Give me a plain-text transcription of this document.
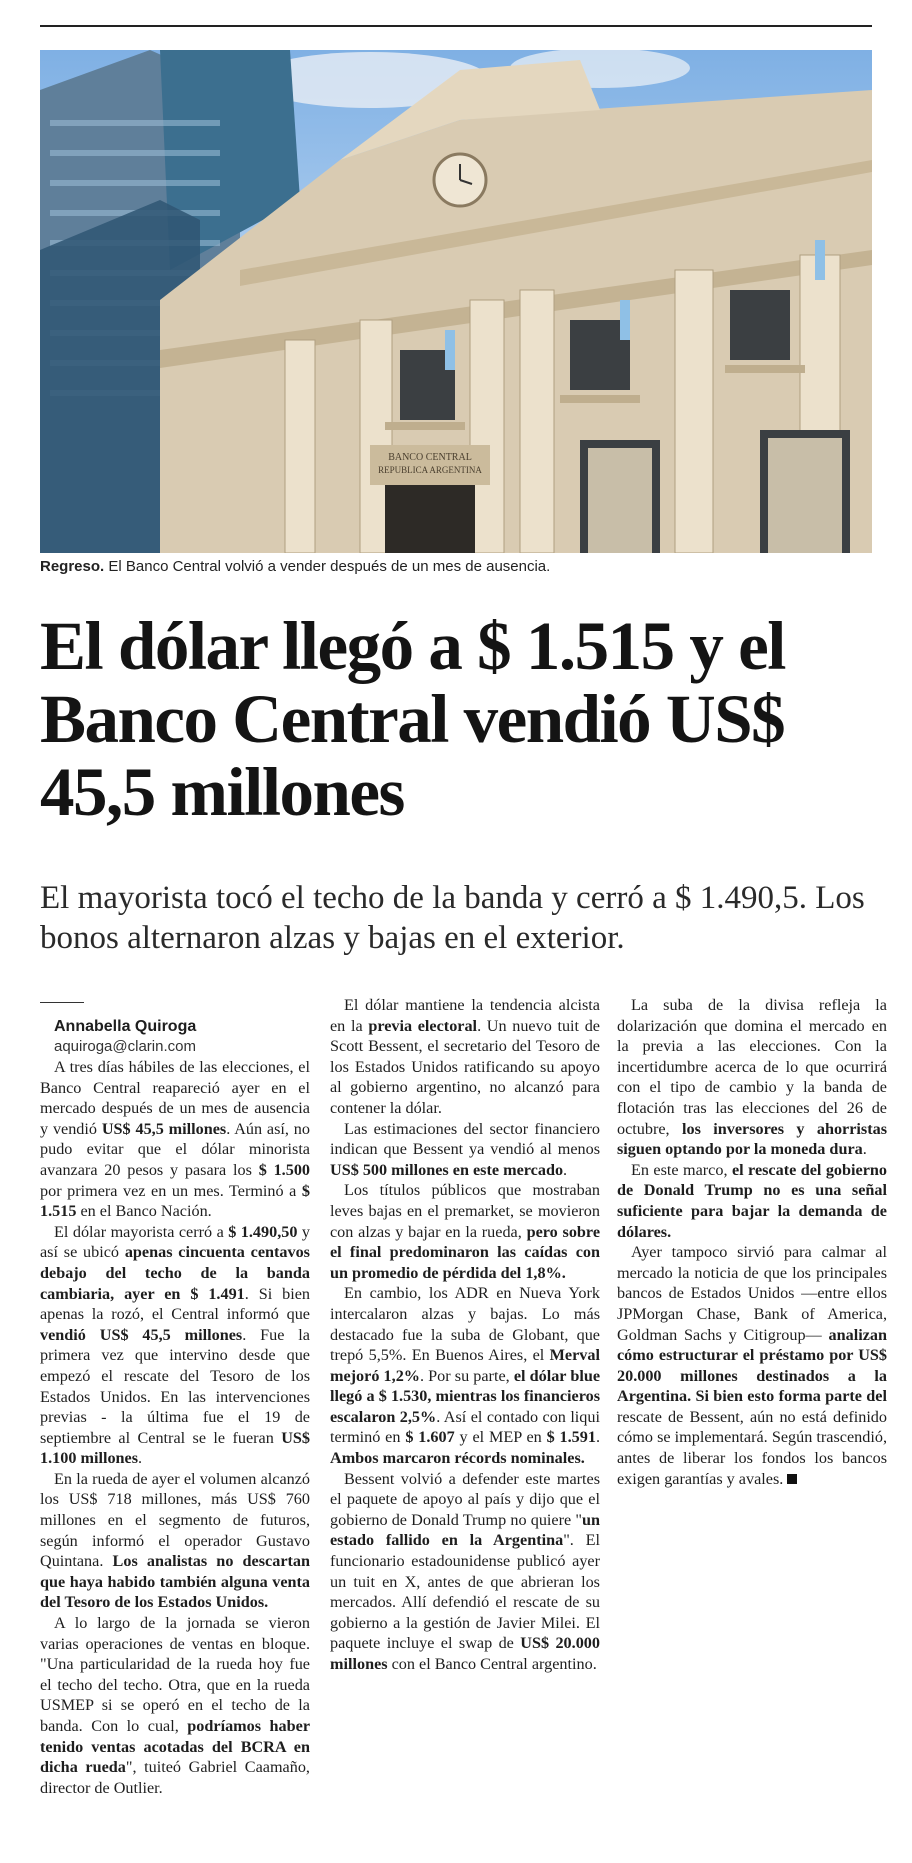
BANCO CENTRAL
REPUBLICA ARGENTINA
Regreso. El Banco Central volvió a vender después de un mes de ausencia.
El dólar llegó a $ 1.515 y el Banco Central vendió US$ 45,5 millones
El mayorista tocó el techo de la banda y cerró a $ 1.490,5. Los bonos alternaron alzas y bajas en el exterior.

Annabella Quiroga

aquiroga@clarin.com

A tres días hábiles de las elecciones, el Banco Central reapareció ayer en el mercado después de un mes de ausencia y vendió US$ 45,5 millones. Aún así, no pudo evitar que el dólar minorista avanzara 20 pesos y pasara los $ 1.500 por primera vez en un mes. Terminó a $ 1.515 en el Banco Nación.

El dólar mayorista cerró a $ 1.490,50 y así se ubicó apenas cincuenta centavos debajo del techo de la banda cambiaria, ayer en $ 1.491. Si bien apenas la rozó, el Central informó que vendió US$ 45,5 millones. Fue la primera vez que intervino desde que empezó el rescate del Tesoro de los Estados Unidos. En las intervenciones previas - la última fue el 19 de septiembre al Central se le fueran US$ 1.100 millones.

En la rueda de ayer el volumen alcanzó los US$ 718 millones, más US$ 760 millones en el segmento de futuros, según informó el operador Gustavo Quintana. Los analistas no descartan que haya habido también alguna venta del Tesoro de los Estados Unidos.

A lo largo de la jornada se vieron varias operaciones de ventas en bloque. "Una particularidad de la rueda hoy fue el techo del techo. Otra, que en la rueda USMEP si se operó en el techo de la banda. Con lo cual, podríamos haber tenido ventas acotadas del BCRA en dicha rueda", tuiteó Gabriel Caamaño, director de Outlier.

El dólar mantiene la tendencia alcista en la previa electoral. Un nuevo tuit de Scott Bessent, el secretario del Tesoro de los Estados Unidos ratificando su apoyo al gobierno argentino, no alcanzó para contener la dólar.

Las estimaciones del sector financiero indican que Bessent ya vendió al menos US$ 500 millones en este mercado.

Los títulos públicos que mostraban leves bajas en el premarket, se movieron con alzas y bajar en la rueda, pero sobre el final predominaron las caídas con un promedio de pérdida del 1,8%.

En cambio, los ADR en Nueva York intercalaron alzas y bajas. Lo más destacado fue la suba de Globant, que trepó 5,5%. En Buenos Aires, el Merval mejoró 1,2%. Por su parte, el dólar blue llegó a $ 1.530, mientras los financieros escalaron 2,5%. Así el contado con liqui terminó en $ 1.607 y el MEP en $ 1.591. Ambos marcaron récords nominales.

Bessent volvió a defender este martes el paquete de apoyo al país y dijo que el gobierno de Donald Trump no quiere "un estado fallido en la Argentina". El funcionario estadounidense publicó ayer un tuit en X, antes de que abrieran los mercados. Allí defendió el rescate de su gobierno a la gestión de Javier Milei. El paquete incluye el swap de US$ 20.000 millones con el Banco Central argentino.

La suba de la divisa refleja la dolarización que domina el mercado en la previa a las elecciones. Con la incertidumbre acerca de lo que ocurrirá con el tipo de cambio y la banda de flotación tras las elecciones del 26 de octubre, los inversores y ahorristas siguen optando por la moneda dura.

En este marco, el rescate del gobierno de Donald Trump no es una señal suficiente para bajar la demanda de dólares.

Ayer tampoco sirvió para calmar al mercado la noticia de que los principales bancos de Estados Unidos —entre ellos JPMorgan Chase, Bank of America, Goldman Sachs y Citigroup— analizan cómo estructurar el préstamo por US$ 20.000 millones destinados a la Argentina. Si bien esto forma parte del rescate de Bessent, aún no está definido cómo se implementará. Según trascendió, antes de liberar los fondos los bancos exigen garantías y avales.
